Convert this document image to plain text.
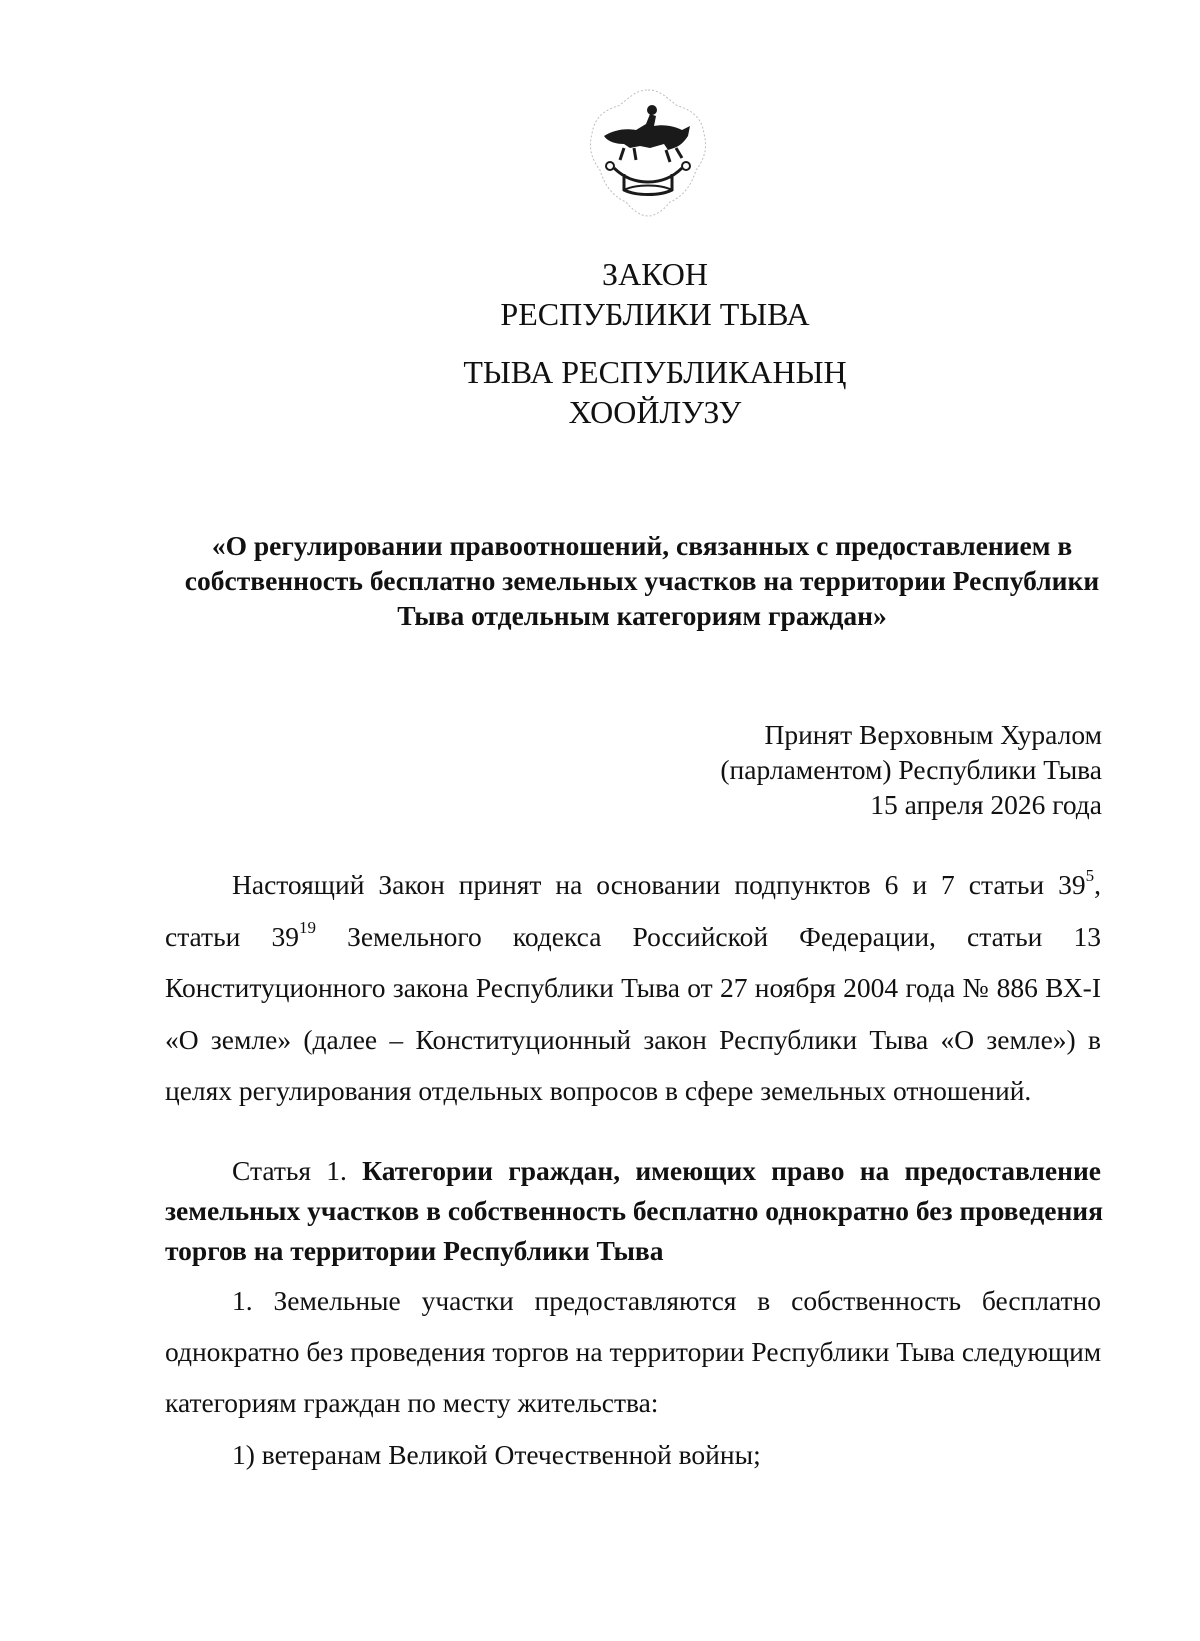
ЗАКОН
РЕСПУБЛИКИ ТЫВА
ТЫВА РЕСПУБЛИКАНЫҢ
ХООЙЛУЗУ
«О регулировании правоотношений, связанных с предоставлением в
собственность бесплатно земельных участков на территории Республики
Тыва отдельным категориям граждан»
Принят Верховным Хуралом
(парламентом) Республики Тыва
15 апреля 2026 года
Настоящий Закон принят на основании подпунктов 6 и 7 статьи $39^5$,
статьи $39^{19}$ Земельного кодекса Российской Федерации, статьи 13
Конституционного закона Республики Тыва от 27 ноября 2004 года № 886 ВХ-I
«О земле» (далее – Конституционный закон Республики Тыва «О земле») в
целях регулирования отдельных вопросов в сфере земельных отношений.
Статья 1. Категории граждан, имеющих право на предоставление
земельных участков в собственность бесплатно однократно без проведения
торгов на территории Республики Тыва
1. Земельные участки предоставляются в собственность бесплатно
однократно без проведения торгов на территории Республики Тыва следующим
категориям граждан по месту жительства:
1) ветеранам Великой Отечественной войны;
